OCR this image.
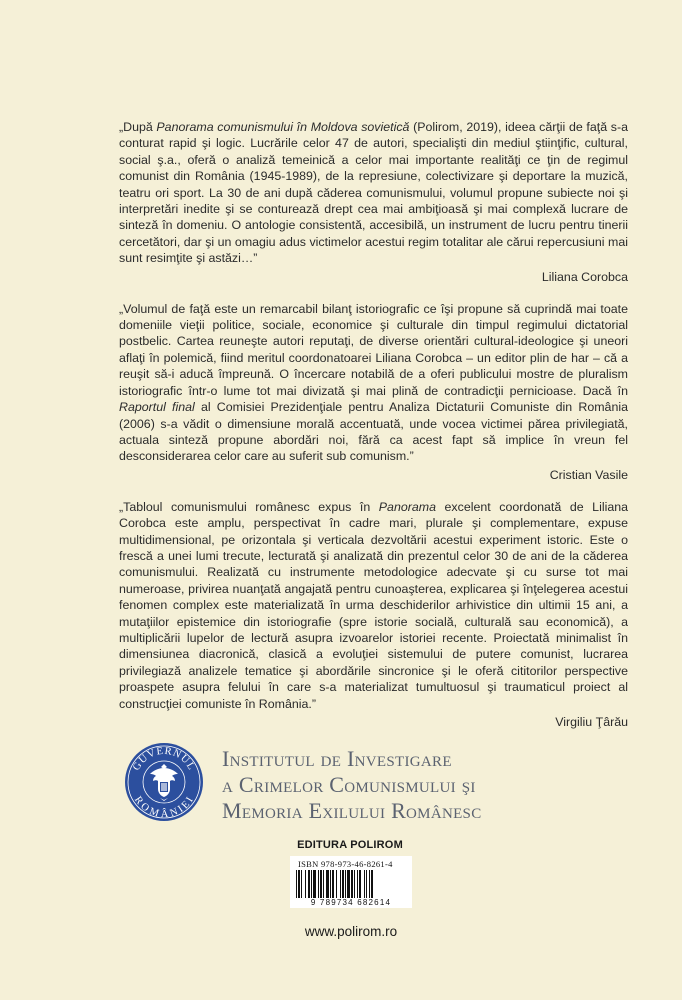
„După Panorama comunismului în Moldova sovietică (Polirom, 2019), ideea cărţii de faţă s-a conturat rapid şi logic. Lucrările celor 47 de autori, specialişti din mediul ştiinţific, cultural, social ş.a., oferă o analiză temeinică a celor mai importante realităţi ce ţin de regimul comunist din România (1945-1989), de la represiune, colectivizare şi deportare la muzică, teatru ori sport. La 30 de ani după căderea comunismului, volumul propune subiecte noi şi interpretări inedite şi se conturează drept cea mai ambiţioasă şi mai complexă lucrare de sinteză în domeniu. O antologie consistentă, accesibilă, un instrument de lucru pentru tinerii cercetători, dar şi un omagiu adus victimelor acestui regim totalitar ale cărui repercusiuni mai sunt resimţite şi astăzi…”

Liliana Corobca

„Volumul de faţă este un remarcabil bilanţ istoriografic ce îşi propune să cuprindă mai toate domeniile vieţii politice, sociale, economice şi culturale din timpul regimului dictatorial postbelic. Cartea reuneşte autori reputaţi, de diverse orientări cultural-ideologice şi uneori aflaţi în polemică, fiind meritul coordonatoarei Liliana Corobca – un editor plin de har – că a reuşit să-i aducă împreună. O încercare notabilă de a oferi publicului mostre de pluralism istoriografic într-o lume tot mai divizată şi mai plină de contradicţii pernicioase. Dacă în Raportul final al Comisiei Prezidenţiale pentru Analiza Dictaturii Comuniste din România (2006) s-a vădit o dimensiune morală accentuată, unde vocea victimei părea privilegiată, actuala sinteză propune abordări noi, fără ca acest fapt să implice în vreun fel desconsiderarea celor care au suferit sub comunism.”

Cristian Vasile

„Tabloul comunismului românesc expus în Panorama excelent coordonată de Liliana Corobca este amplu, perspectivat în cadre mari, plurale şi complementare, expuse multidimensional, pe orizontala şi verticala dezvoltării acestui experiment istoric. Este o frescă a unei lumi trecute, lecturată şi analizată din prezentul celor 30 de ani de la căderea comunismului. Realizată cu instrumente metodologice adecvate şi cu surse tot mai numeroase, privirea nuanţată angajată pentru cunoaşterea, explicarea şi înţelegerea acestui fenomen complex este materializată în urma deschiderilor arhivistice din ultimii 15 ani, a mutaţiilor epistemice din istoriografie (spre istorie socială, culturală sau economică), a multiplicării lupelor de lectură asupra izvoarelor istoriei recente. Proiectată minimalist în dimensiunea diacronică, clasică a evoluţiei sistemului de putere comunist, lucrarea privilegiază analizele tematice şi abordările sincronice şi le oferă cititorilor perspective proaspete asupra felului în care s-a materializat tumultuosul şi traumaticul proiect al construcţiei comuniste în România.”

Virgiliu Ţârău

GUVERNUL
ROMÂNIEI
Institutul de Investigare
a Crimelor Comunismului şi
Memoria Exilului Românesc
EDITURA POLIROM
ISBN 978-973-46-8261-4
9 789734 682614
www.polirom.ro
